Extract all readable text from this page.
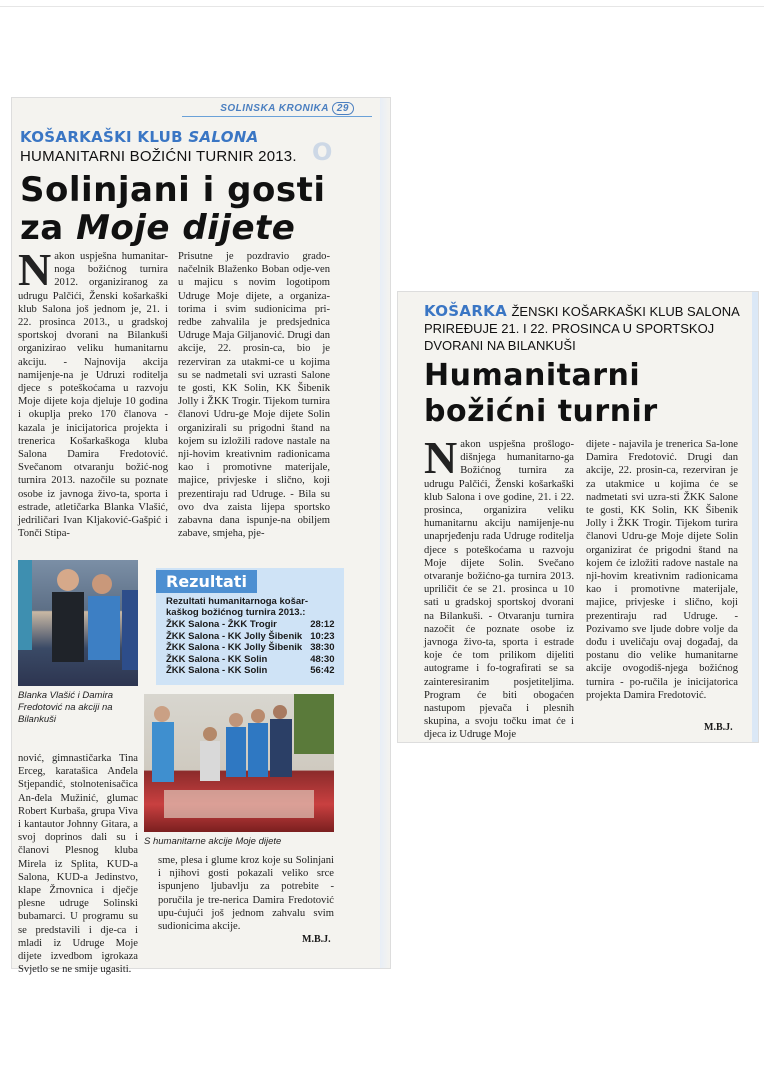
SOLINSKA KRONIKA 29
KOŠARKAŠKI KLUB SALONA
HUMANITARNI BOŽIĆNI TURNIR 2013.
Solinjani i gosti
za Moje dijete
O
Nakon uspješna humanitar-noga božićnog turnira 2012. organiziranog za udrugu Palčići, Ženski košarkaški klub Salona još jednom je, 21. i 22. prosinca 2013., u gradskoj sportskoj dvorani na Bilankuši organizirao veliku humanitarnu akciju. - Najnovija akcija namijenje-na je Udruzi roditelja djece s poteškoćama u razvoju Moje dijete koja djeluje 10 godina i okuplja preko 170 članova - kazala je inicijatorica projekta i trenerica Košarkaškoga kluba Salona Damira Fredotović. Svečanom otvaranju božić-nog turnira 2013. nazočile su poznate osobe iz javnoga živo-ta, sporta i estrade, atletičarka Blanka Vlašić, jedriličari Ivan Kljaković-Gašpić i Tonči Stipa-
Prisutne je pozdravio grado-načelnik Blaženko Boban odje-ven u majicu s novim logotipom Udruge Moje dijete, a organiza-torima i svim sudionicima pri-redbe zahvalila je predsjednica Udruge Maja Giljanović. Drugi dan akcije, 22. prosin-ca, bio je rezerviran za utakmi-ce u kojima su se nadmetali svi uzrasti Salone te gosti, KK Solin, KK Šibenik Jolly i ŽKK Trogir. Tijekom turnira članovi Udru-ge Moje dijete Solin organizirali su prigodni štand na kojem su izložili radove nastale na nji-hovim kreativnim radionicama kao i promotivne materijale, majice, privjeske i slično, koji prezentiraju rad Udruge. - Bila su ovo dva zaista lijepa sportsko zabavna dana ispunje-na obiljem zabave, smjeha, pje-
Blanka Vlašić i Damira Fredotović na akciji na Bilankuši
Rezultati
Rezultati humanitarnoga košar-kaškog božićnog turnira 2013.:
ŽKK Salona - ŽKK Trogir	28:12
ŽKK Salona - KK Jolly Šibenik	10:23
ŽKK Salona - KK Jolly Šibenik	38:30
ŽKK Salona - KK Solin	48:30
ŽKK Salona - KK Solin	56:42
S humanitarne akcije Moje dijete
nović, gimnastičarka Tina Erceg, karatašica Anđela Stjepandić, stolnotenisačica An-đela Mužinić, glumac Robert Kurbaša, grupa Viva i kantautor Johnny Gitara, a svoj doprinos dali su i članovi Plesnog kluba Mirela iz Splita, KUD-a Salona, KUD-a Jedinstvo, klape Žrnovnica i dječje plesne udruge Solinski bubamarci. U programu su se predstavili i dje-ca i mladi iz Udruge Moje dijete izvedbom igrokaza Svjetlo se ne smije ugasiti.
sme, plesa i glume kroz koje su Solinjani i njihovi gosti pokazali veliko srce ispunjeno ljubavlju za potrebite - poručila je tre-nerica Damira Fredotović upu-ćujući još jednom zahvalu svim sudionicima akcije.
M.B.J.
KOŠARKA ŽENSKI KOŠARKAŠKI KLUB SALONA PRIREĐUJE 21. I 22. PROSINCA U SPORTSKOJ DVORANI NA BILANKUŠI
Humanitarni
božićni turnir
Nakon uspješna prošlogo-dišnjega humanitarno-ga Božićnog turnira za udrugu Palčići, Ženski košarkaški klub Salona i ove godine, 21. i 22. prosinca, organizira veliku humanitarnu akciju namijenje-nu unaprjeđenju rada Udruge roditelja djece s poteškoćama u razvoju Moje dijete Solin. Svečano otvaranje božićno-ga turnira 2013. upriličit će se 21. prosinca u 10 sati u gradskoj sportskoj dvorani na Bilankuši. - Otvaranju turnira nazočit će poznate osobe iz javnoga živo-ta, sporta i estrade koje će tom prilikom dijeliti autograme i fo-tografirati se sa zainteresiranim posjetiteljima. Program će biti obogaćen nastupom pjevača i plesnih skupina, a svoju točku imat će i djeca iz Udruge Moje
dijete - najavila je trenerica Sa-lone Damira Fredotović. Drugi dan akcije, 22. prosin-ca, rezerviran je za utakmice u kojima će se nadmetati svi uzra-sti ŽKK Salone te gosti, KK Solin, KK Šibenik Jolly i ŽKK Trogir. Tijekom turira članovi Udru-ge Moje dijete Solin organizirat će prigodni štand na kojem će izložiti radove nastale na nji-hovim kreativnim radionicama kao i promotivne materijale, majice, privjeske i slično, koji prezentiraju rad Udruge. - Pozivamo sve ljude dobre volje da dođu i uveličaju ovaj događaj, da postanu dio velike humanitarne akcije ovogodiš-njega božićnog turnira - po-ručila je inicijatorica projekta Damira Fredotović.
M.B.J.
